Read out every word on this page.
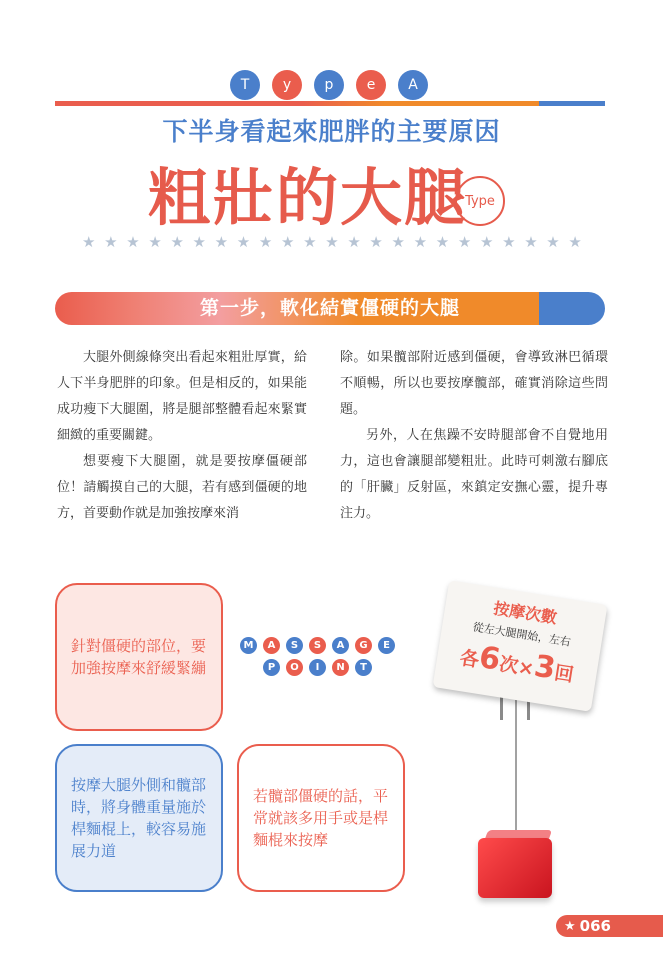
T	y	p	e	A
下半身看起來肥胖的主要原因
粗壯的大腿
Type
★ ★ ★ ★ ★ ★ ★ ★ ★ ★ ★ ★ ★ ★ ★ ★ ★ ★ ★ ★ ★ ★ ★
第一步，軟化結實僵硬的大腿

大腿外側線條突出看起來粗壯厚實，給人下半身肥胖的印象。但是相反的，如果能成功瘦下大腿圍，將是腿部整體看起來緊實細緻的重要關鍵。

想要瘦下大腿圍，就是要按摩僵硬部位！請觸摸自己的大腿，若有感到僵硬的地方，首要動作就是加強按摩來消

除。如果髖部附近感到僵硬，會導致淋巴循環不順暢，所以也要按摩髖部，確實消除這些問題。

另外，人在焦躁不安時腿部會不自覺地用力，這也會讓腿部變粗壯。此時可刺激右腳底的「肝臟」反射區，來鎮定安撫心靈，提升專注力。

針對僵硬的部位，要加強按摩來舒緩緊繃
按摩大腿外側和髖部時，將身體重量施於桿麵棍上，較容易施展力道
若髖部僵硬的話，平常就該多用手或是桿麵棍來按摩
M	A	S	S	A	G	E
P	O	I	N	T
按摩次數
從左大腿開始，左右
各6次×3回
★ 066
